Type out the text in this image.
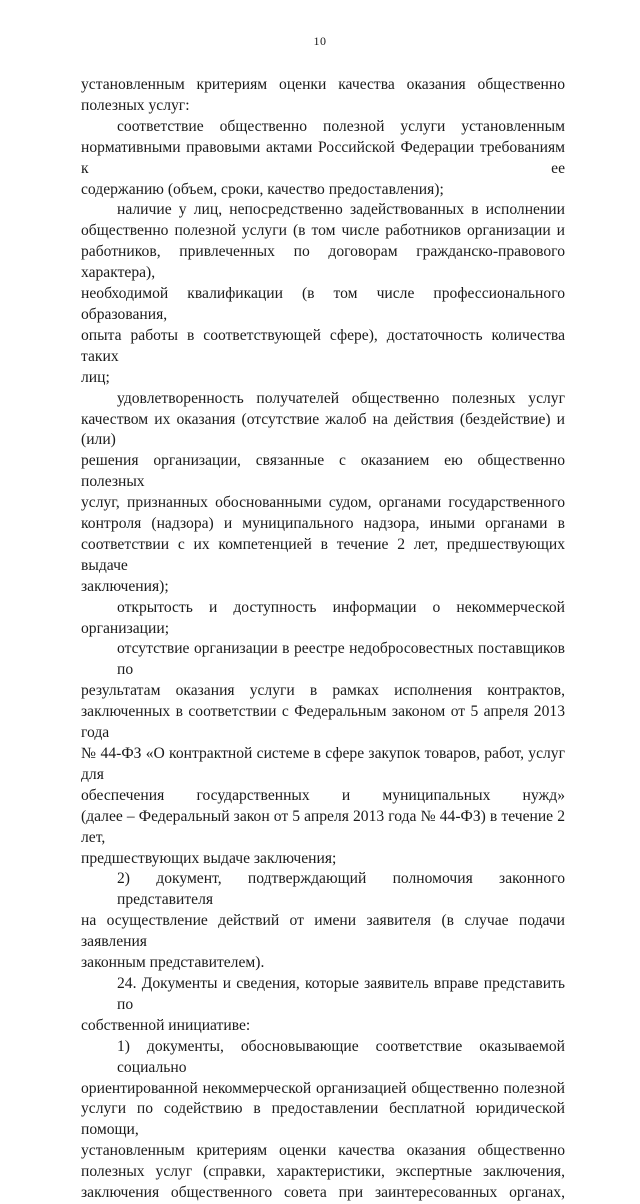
10
установленным критериям оценки качества оказания общественно
полезных услуг:
соответствие общественно полезной услуги установленным
нормативными правовыми актами Российской Федерации требованиям к ее
содержанию (объем, сроки, качество предоставления);
наличие у лиц, непосредственно задействованных в исполнении
общественно полезной услуги (в том числе работников организации и
работников, привлеченных по договорам гражданско-правового характера),
необходимой квалификации (в том числе профессионального образования,
опыта работы в соответствующей сфере), достаточность количества таких
лиц;
удовлетворенность получателей общественно полезных услуг
качеством их оказания (отсутствие жалоб на действия (бездействие) и (или)
решения организации, связанные с оказанием ею общественно полезных
услуг, признанных обоснованными судом, органами государственного
контроля (надзора) и муниципального надзора, иными органами в
соответствии с их компетенцией в течение 2 лет, предшествующих выдаче
заключения);
открытость и доступность информации о некоммерческой
организации;
отсутствие организации в реестре недобросовестных поставщиков по
результатам оказания услуги в рамках исполнения контрактов,
заключенных в соответствии с Федеральным законом от 5 апреля 2013 года
№ 44-ФЗ «О контрактной системе в сфере закупок товаров, работ, услуг для
обеспечения государственных и муниципальных нужд»
(далее – Федеральный закон от 5 апреля 2013 года № 44-ФЗ) в течение 2 лет,
предшествующих выдаче заключения;
2) документ, подтверждающий полномочия законного представителя
на осуществление действий от имени заявителя (в случае подачи заявления
законным представителем).
24. Документы и сведения, которые заявитель вправе представить по
собственной инициативе:
1) документы, обосновывающие соответствие оказываемой социально
ориентированной некоммерческой организацией общественно полезной
услуги по содействию в предоставлении бесплатной юридической помощи,
установленным критериям оценки качества оказания общественно
полезных услуг (справки, характеристики, экспертные заключения,
заключения общественного совета при заинтересованных органах,
